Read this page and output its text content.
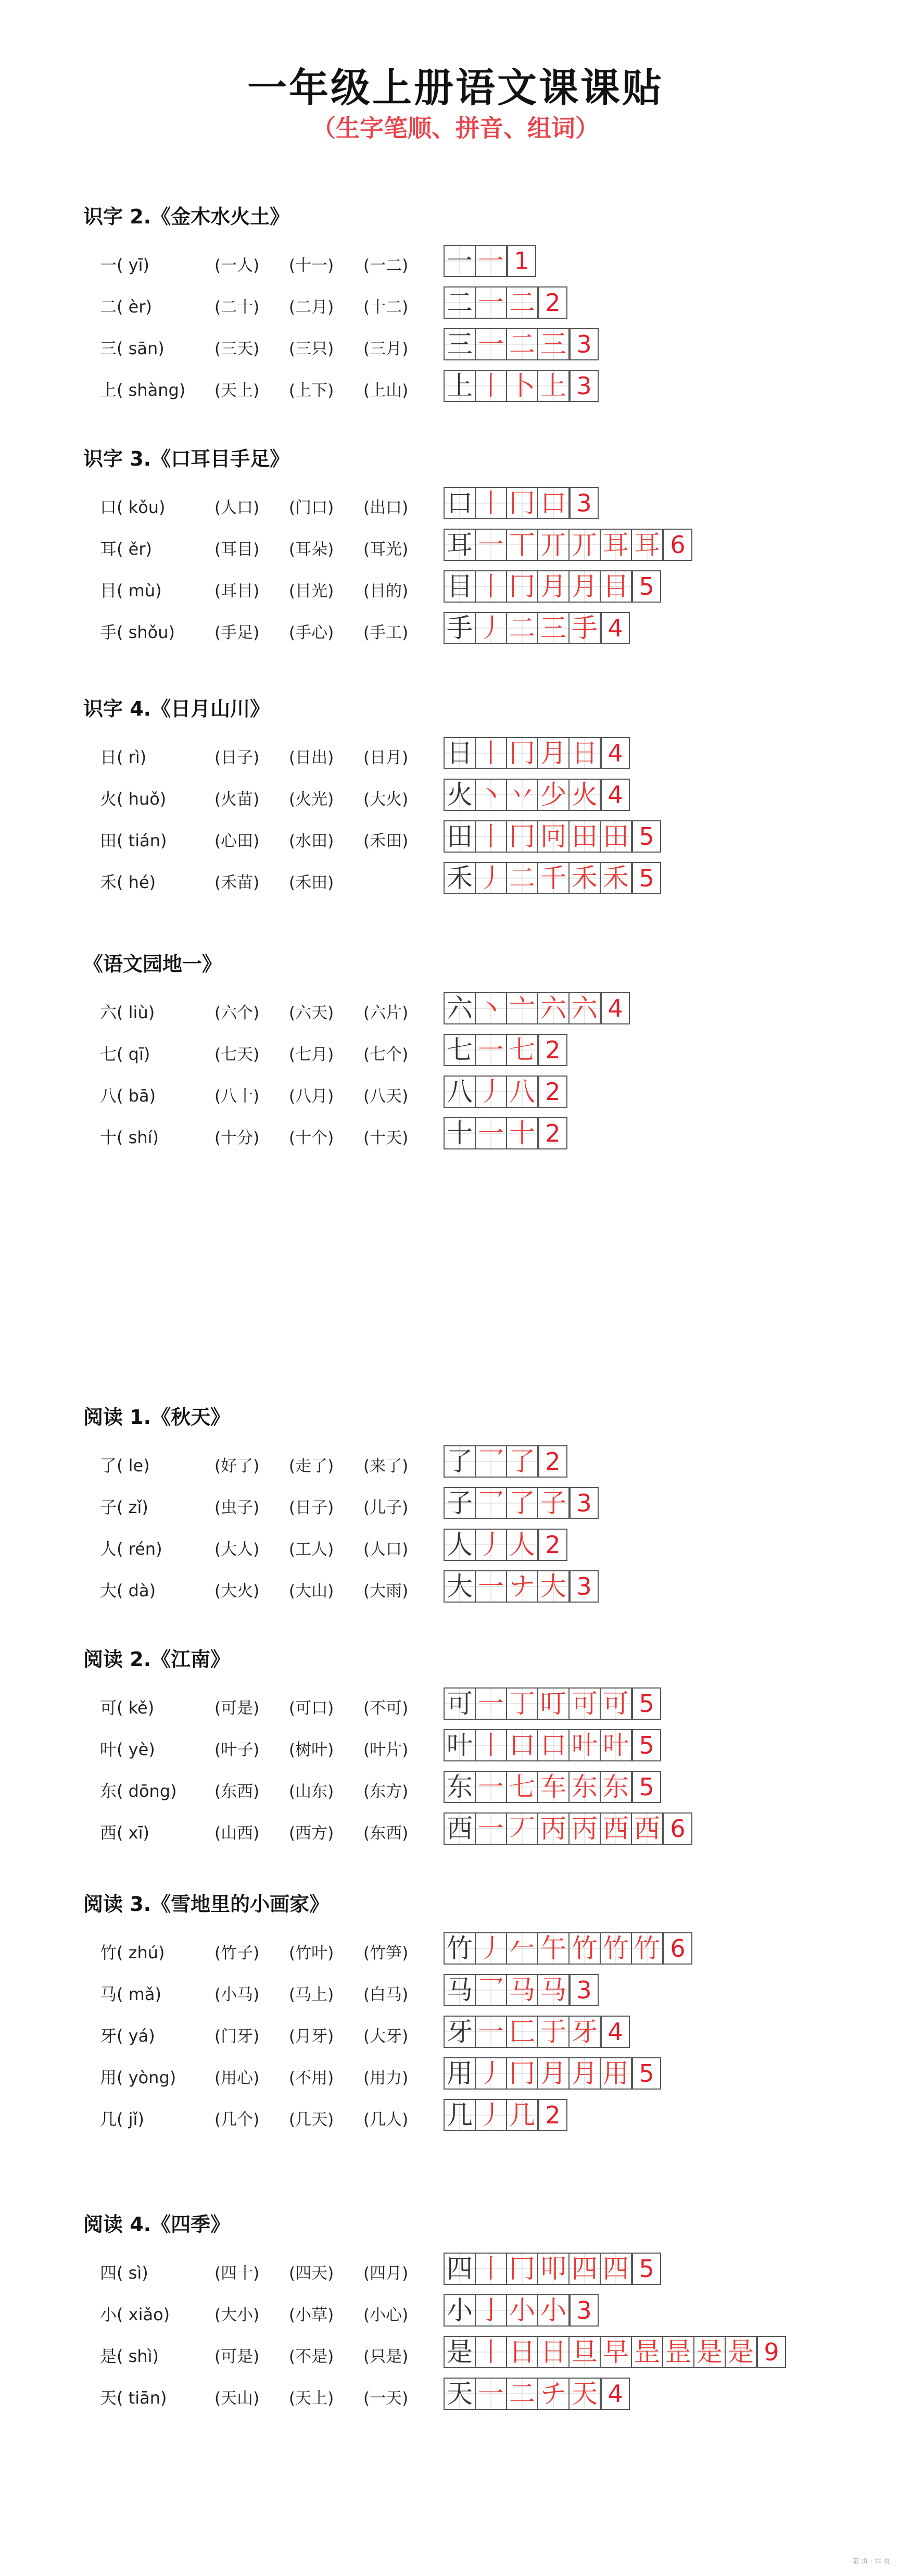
一年级上册语文课课贴
（生字笔顺、拼音、组词）
识字 2.《金木水火土》
一( yī)	(一人) (十一) (一二)	一 一 1
二( èr)	(二十) (二月) (十二)	二 一 二 2
三( sān)	(三天) (三只) (三月)	三 一 二 三 3
上( shàng) (天上) (上下) (上山)	上 丨 卜 上 3
识字 3.《口耳目手足》
口( kǒu)	(人口) (门口) (出口)	口 丨 冂 口 3
耳( ěr)	(耳目) (耳朵) (耳光)	耳 一 丅 丌 丌 耳 耳 6
目( mù)	(耳目) (目光) (目的)	目 丨 冂 月 月 目 5
手( shǒu) (手足) (手心) (手工)	手 丿 二 三 手 4
识字 4.《日月山川》
日( rì)	(日子) (日出) (日月)	日 丨 冂 月 日 4
火( huǒ)	(火苗) (火光) (大火)	火 丶 丷 少 火 4
田( tián)	(心田) (水田) (禾田)	田 丨 冂 冋 田 田 5
禾( hé)	(禾苗) (禾田)	禾 丿 二 千 禾 禾 5
《语文园地一》
六( liù)	(六个) (六天) (六片)	六 丶 亠 六 六 4
七( qī)	(七天) (七月) (七个)	七 一 七 2
八( bā)	(八十) (八月) (八天)	八 丿 八 2
十( shí)	(十分) (十个) (十天)	十 一 十 2
阅读 1.《秋天》
了( le)	(好了) (走了) (来了)	了 乛 了 2
子( zǐ)	(虫子) (日子) (儿子)	子 乛 了 子 3
人( rén)	(大人) (工人) (人口)	人 丿 人 2
大( dà)	(大火) (大山) (大雨)	大 一 ナ 大 3
阅读 2.《江南》
可( kě)	(可是) (可口) (不可)	可 一 丁 叮 可 可 5
叶( yè)	(叶子) (树叶) (叶片)	叶 丨 口 口 叶 叶 5
东( dōng) (东西) (山东) (东方)	东 一 七 车 东 东 5
西( xī)	(山西) (西方) (东西)	西 一 丆 丙 丙 西 西 6
阅读 3.《雪地里的小画家》
竹( zhú)	(竹子) (竹叶) (竹笋)	竹 丿 𠂉 午 竹 竹 竹 6
马( mǎ)	(小马) (马上) (白马)	马 乛 马 马 3
牙( yá)	(门牙) (月牙) (大牙)	牙 一 匚 于 牙 4
用( yòng) (用心) (不用) (用力)	用 丿 冂 月 月 用 5
几( jǐ)	(几个) (几天) (几人)	几 丿 几 2
阅读 4.《四季》
四( sì)	(四十) (四天) (四月)	四 丨 冂 叩 四 四 5
小( xiǎo)	(大小) (小草) (小心)	小 亅 小 小 3
是( shì)	(可是) (不是) (只是)	是 丨 日 日 旦 早 昰 昰 是 是 9
天( tiān)	(天山) (天上) (一天)	天 一 二 チ 天 4
第 页 · 共 页
